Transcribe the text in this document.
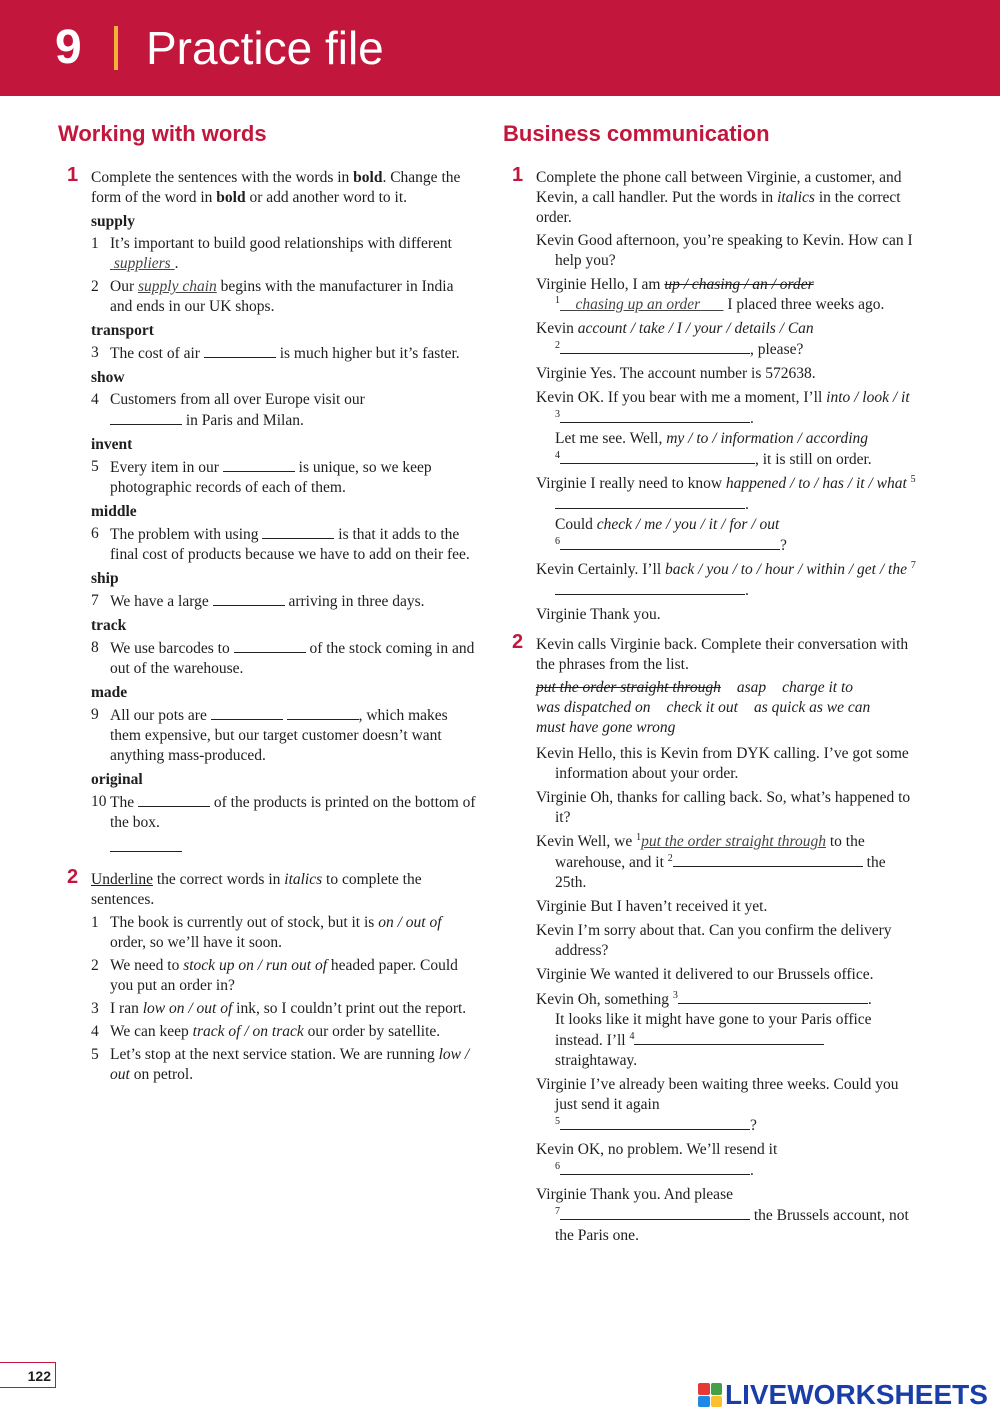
9 Practice file
Working with words
1 Complete the sentences with the words in bold. Change the form of the word in bold or add another word to it.
supply
1 It’s important to build good relationships with different  suppliers .
2 Our supply chain begins with the manufacturer in India and ends in our UK shops.
transport
3 The cost of air	is much higher but it’s faster.
show
4 Customers from all over Europe visit our
in Paris and Milan.
invent
5 Every item in our	is unique, so we keep photographic records of each of them.
middle
6 The problem with using	is that it adds to the final cost of products because we have to add on their fee.
ship
7 We have a large	arriving in three days.
track
8 We use barcodes to	of the stock coming in and out of the warehouse.
made
9 All our pots are	, which makes them expensive, but our target customer doesn’t want anything mass-produced.
original
10 The	of the products is printed on the bottom of the box.
2 Underline the correct words in italics to complete the sentences.
1 The book is currently out of stock, but it is on / out of order, so we’ll have it soon.
2 We need to stock up on / run out of headed paper. Could you put an order in?
3 I ran low on / out of ink, so I couldn’t print out the report.
4 We can keep track of / on track our order by satellite.
5 Let’s stop at the next service station. We are running low / out on petrol.
Business communication
1 Complete the phone call between Virginie, a customer, and Kevin, a call handler. Put the words in italics in the correct order.
Kevin Good afternoon, you’re speaking to Kevin. How can I help you?
Virginie Hello, I am up / chasing / an / order
$^1$ chasing up an order       I placed three weeks ago.
Kevin account / take / I / your / details / Can
$^2$	, please?
Virginie Yes. The account number is 572638.
Kevin OK. If you bear with me a moment, I’ll into / look / it $^3$	.
Let me see. Well, my / to / information / according
$^4$	, it is still on order.
Virginie I really need to know happened / to / has / it / what $^5$.
Could check / me / you / it / for / out
$^6$	?
Kevin Certainly. I’ll back / you / to / hour / within / get / the $^7$.
Virginie Thank you.
2 Kevin calls Virginie back. Complete their conversation with the phrases from the list.
put the order straight through asap charge it to
was dispatched on check it out as quick as we can
must have gone wrong
Kevin Hello, this is Kevin from DYK calling. I’ve got some information about your order.
Virginie Oh, thanks for calling back. So, what’s happened to it?
Kevin Well, we $^1$put the order straight through to the warehouse, and it $^2$	the 25th.
Virginie But I haven’t received it yet.
Kevin I’m sorry about that. Can you confirm the delivery address?
Virginie We wanted it delivered to our Brussels office.
Kevin Oh, something $^3$	.
It looks like it might have gone to your Paris office instead. I’ll $^4$
straightaway.
Virginie I’ve already been waiting three weeks. Could you just send it again
$^5$	?
Kevin OK, no problem. We’ll resend it
$^6$	.
Virginie Thank you. And please
$^7$	the Brussels account, not the Paris one.
122
LIVEWORKSHEETS
